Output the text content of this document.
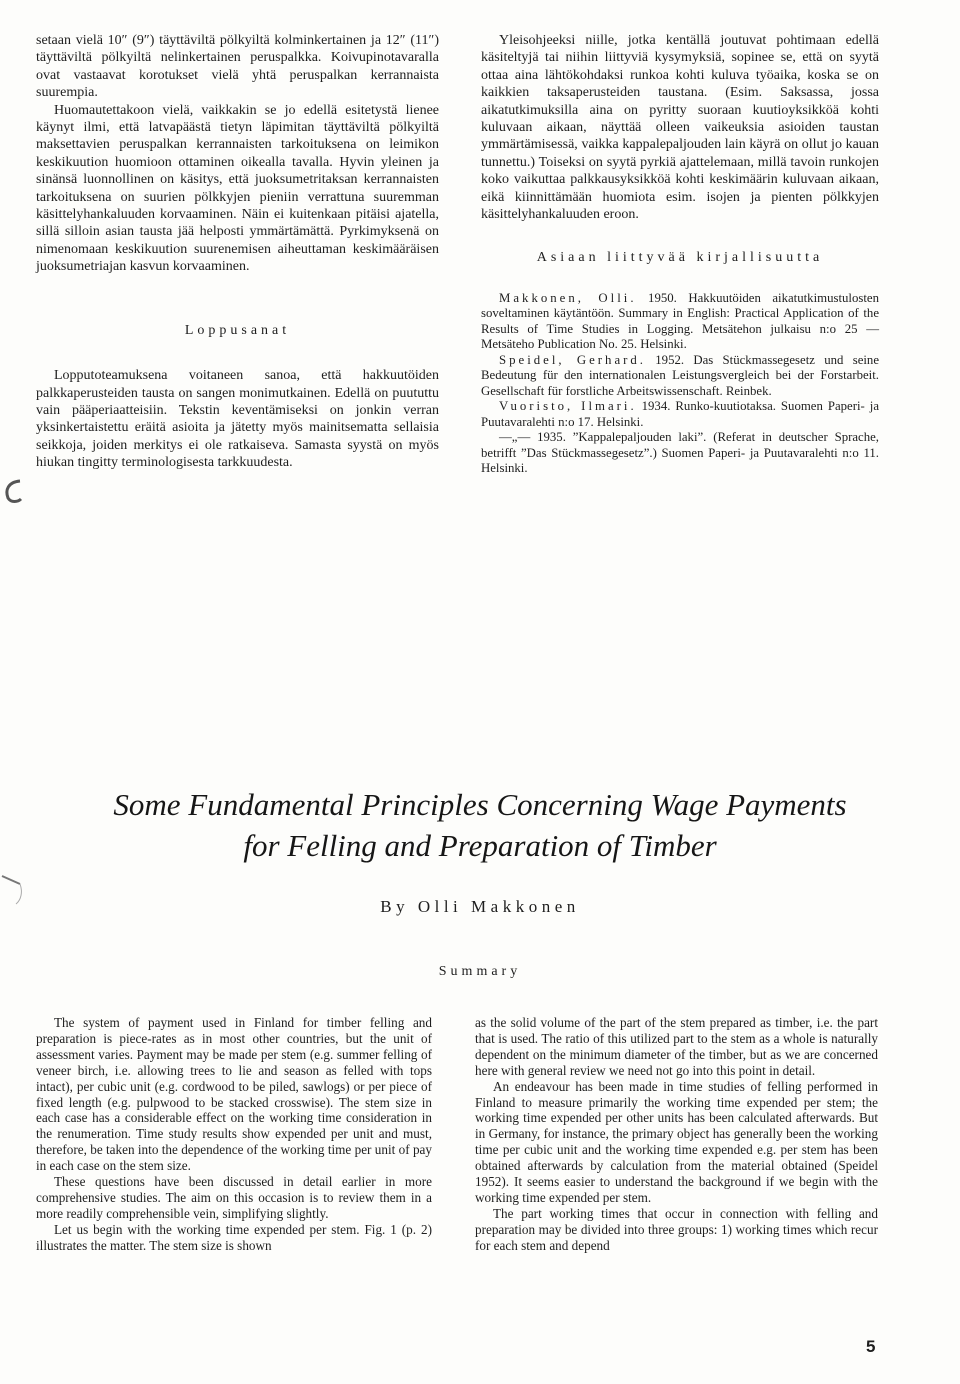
setaan vielä 10″ (9″) täyttäviltä pölkyiltä kolminkertainen ja 12″ (11″) täyttäviltä pölkyiltä nelinkertainen peruspalkka. Koivupinotavaralla ovat vastaavat korotukset vielä yhtä peruspalkan kerrannaista suurempia.

Huomautettakoon vielä, vaikkakin se jo edellä esitetystä lienee käynyt ilmi, että latvapäästä tietyn läpimitan täyttäviltä pölkyiltä maksettavien peruspalkan kerrannaisten tarkoituksena on leimikon keskikuution huomioon ottaminen oikealla tavalla. Hyvin yleinen ja sinänsä luonnollinen on käsitys, että juoksumetritaksan kerrannaisten tarkoituksena on suurien pölkkyjen pieniin verrattuna suuremman käsittelyhankaluuden korvaaminen. Näin ei kuitenkaan pitäisi ajatella, sillä silloin asian tausta jää helposti ymmärtämättä. Pyrkimyksenä on nimenomaan keskikuution suurenemisen aiheuttaman keskimääräisen juoksumetriajan kasvun korvaaminen.

Loppusanat

Lopputoteamuksena voitaneen sanoa, että hakkuutöiden palkkaperusteiden tausta on sangen monimutkainen. Edellä on puututtu vain pääperiaatteisiin. Tekstin keventämiseksi on jonkin verran yksinkertaistettu eräitä asioita ja jätetty myös mainitsematta sellaisia seikkoja, joiden merkitys ei ole ratkaiseva. Samasta syystä on myös hiukan tingitty terminologisesta tarkkuudesta.

Yleisohjeeksi niille, jotka kentällä joutuvat pohtimaan edellä käsiteltyjä tai niihin liittyviä kysymyksiä, sopinee se, että on syytä ottaa aina lähtökohdaksi runkoa kohti kuluva työaika, koska se on kaikkien taksaperusteiden taustana. (Esim. Saksassa, jossa aikatutkimuksilla aina on pyritty suoraan kuutioyksikköä kohti kuluvaan aikaan, näyttää olleen vaikeuksia asioiden taustan ymmärtämisessä, vaikka kappalepaljouden lain käyrä on ollut jo kauan tunnettu.) Toiseksi on syytä pyrkiä ajattelemaan, millä tavoin runkojen koko vaikuttaa palkkausyksikköä kohti keskimäärin kuluvaan aikaan, eikä kiinnittämään huomiota esim. isojen ja pienten pölkkyjen käsittelyhankaluuden eroon.

Asiaan liittyvää kirjallisuutta

Makkonen, Olli. 1950. Hakkuutöiden aikatutkimustulosten soveltaminen käytäntöön. Summary in English: Practical Application of the Results of Time Studies in Logging. Metsätehon julkaisu n:o 25 — Metsäteho Publication No. 25. Helsinki.

Speidel, Gerhard. 1952. Das Stückmassegesetz und seine Bedeutung für den internationalen Leistungsvergleich bei der Forstarbeit. Gesellschaft für forstliche Arbeitswissenschaft. Reinbek.

Vuoristo, Ilmari. 1934. Runko-kuutiotaksa. Suomen Paperi- ja Puutavaralehti n:o 17. Helsinki.

—„— 1935. ”Kappalepaljouden laki”. (Referat in deutscher Sprache, betrifft ”Das Stückmassegesetz”.) Suomen Paperi- ja Puutavaralehti n:o 11. Helsinki.

Some Fundamental Principles Concerning Wage Payments
for Felling and Preparation of Timber
By Olli Makkonen
Summary

The system of payment used in Finland for timber felling and preparation is piece-rates as in most other countries, but the unit of assessment varies. Payment may be made per stem (e.g. summer felling of veneer birch, i.e. allowing trees to lie and season as felled with tops intact), per cubic unit (e.g. cordwood to be piled, sawlogs) or per piece of fixed length (e.g. pulpwood to be stacked crosswise). The stem size in each case has a considerable effect on the working time consideration in the renumeration. Time study results show expended per unit and must, therefore, be taken into the dependence of the working time per unit of pay in each case on the stem size.

These questions have been discussed in detail earlier in more comprehensive studies. The aim on this occasion is to review them in a more readily comprehensible vein, simplifying slightly.

Let us begin with the working time expended per stem. Fig. 1 (p. 2) illustrates the matter. The stem size is shown

as the solid volume of the part of the stem prepared as timber, i.e. the part that is used. The ratio of this utilized part to the stem as a whole is naturally dependent on the minimum diameter of the timber, but as we are concerned here with general review we need not go into this point in detail.

An endeavour has been made in time studies of felling performed in Finland to measure primarily the working time expended per stem; the working time expended per other units has been calculated afterwards. But in Germany, for instance, the primary object has generally been the working time per cubic unit and the working time expended e.g. per stem has been obtained afterwards by calculation from the material obtained (Speidel 1952). It seems easier to understand the background if we begin with the working time expended per stem.

The part working times that occur in connection with felling and preparation may be divided into three groups: 1) working times which recur for each stem and depend

5
